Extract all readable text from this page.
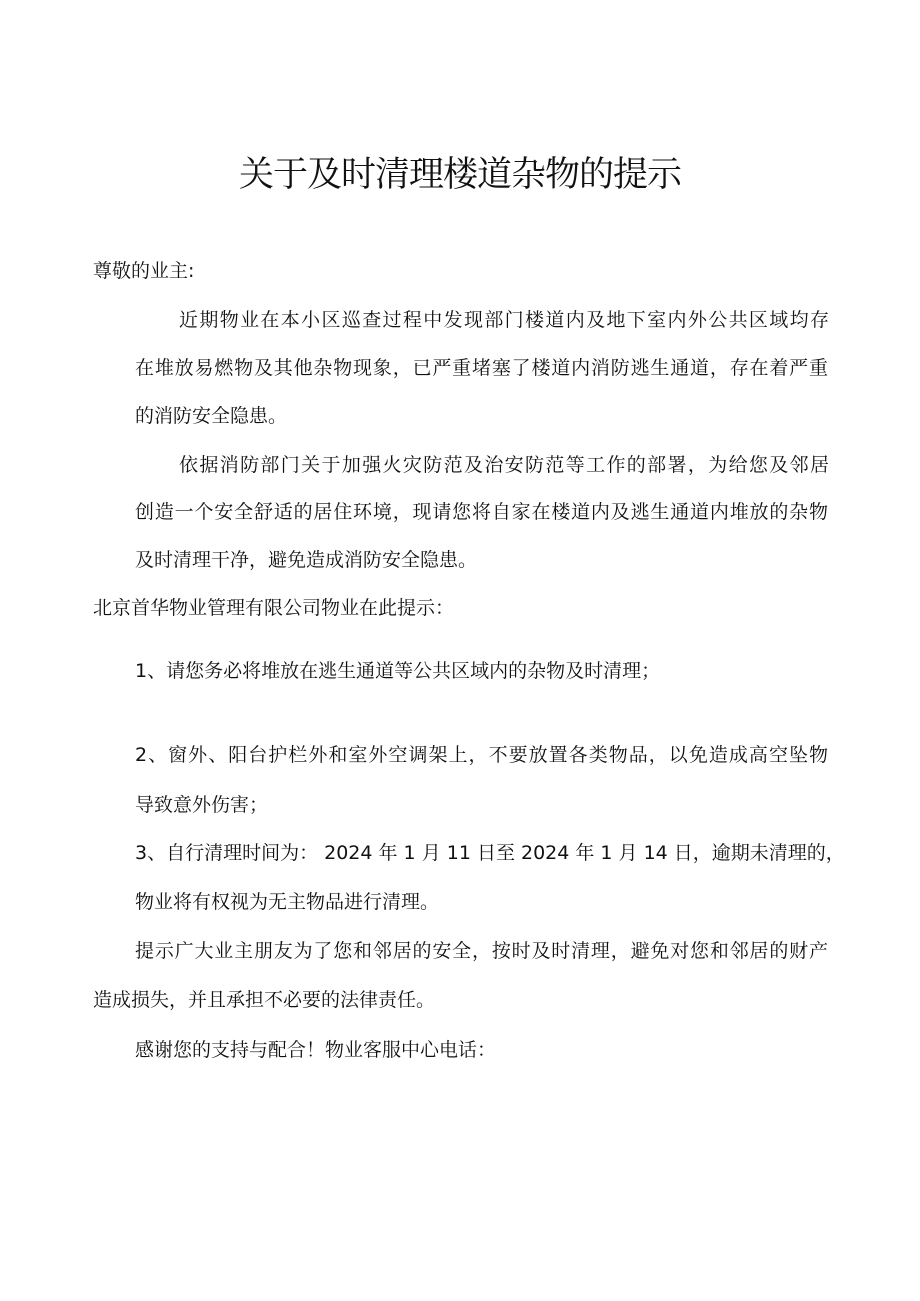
关于及时清理楼道杂物的提示
尊敬的业主:
近期物业在本小区巡查过程中发现部门楼道内及地下室内外公共区域均存
在堆放易燃物及其他杂物现象，已严重堵塞了楼道内消防逃生通道，存在着严重
的消防安全隐患。
依据消防部门关于加强火灾防范及治安防范等工作的部署，为给您及邻居
创造一个安全舒适的居住环境，现请您将自家在楼道内及逃生通道内堆放的杂物
及时清理干净，避免造成消防安全隐患。
北京首华物业管理有限公司物业在此提示：
1、请您务必将堆放在逃生通道等公共区域内的杂物及时清理；
2、窗外、阳台护栏外和室外空调架上，不要放置各类物品，以免造成高空坠物
导致意外伤害；
3、自行清理时间为： 2024 年 1 月 11 日至 2024 年 1 月 14 日，逾期未清理的，
物业将有权视为无主物品进行清理。
提示广大业主朋友为了您和邻居的安全，按时及时清理，避免对您和邻居的财产
造成损失，并且承担不必要的法律责任。
感谢您的支持与配合！物业客服中心电话：
